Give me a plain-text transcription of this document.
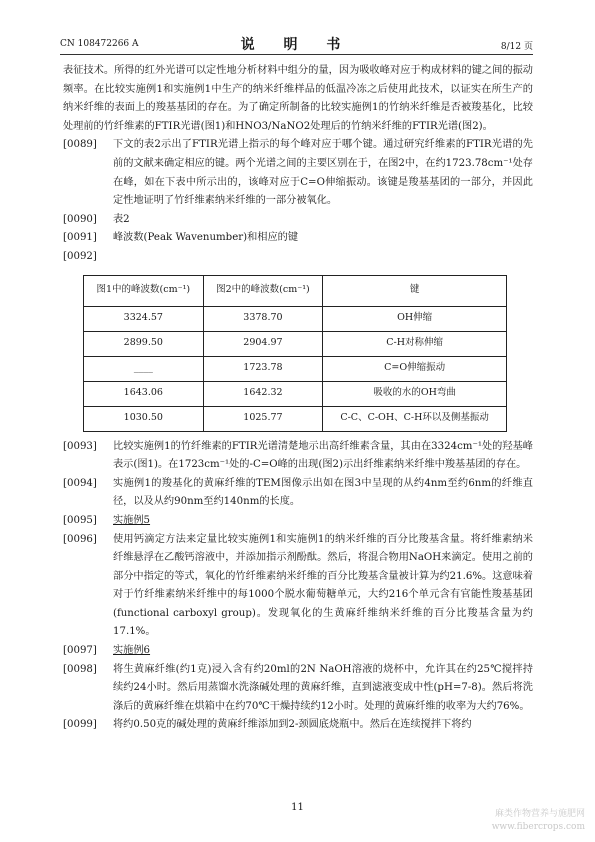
CN 108472266 A	说 明 书	8/12 页

表征技术。所得的红外光谱可以定性地分析材料中组分的量，因为吸收峰对应于构成材料的键之间的振动频率。在比较实施例1和实施例1中生产的纳米纤维样品的低温冷冻之后使用此技术，以证实在所生产的纳米纤维的表面上的羧基基团的存在。为了确定所制备的比较实施例1的竹纳米纤维是否被羧基化，比较处理前的竹纤维素的FTIR光谱(图1)和HNO3/NaNO2处理后的竹纳米纤维的FTIR光谱(图2)。

[0089] 下文的表2示出了FTIR光谱上指示的每个峰对应于哪个键。通过研究纤维素的FTIR光谱的先前的文献来确定相应的键。两个光谱之间的主要区别在于，在图2中，在约1723.78cm⁻¹处存在峰，如在下表中所示出的，该峰对应于C=O伸缩振动。该键是羧基基团的一部分，并因此定性地证明了竹纤维素纳米纤维的一部分被氧化。

[0090] 表2

[0091] 峰波数(Peak Wavenumber)和相应的键

[0092]

图1中的峰波数(cm⁻¹)	图2中的峰波数(cm⁻¹)	键
3324.57	3378.70	OH伸缩
2899.50	2904.97	C-H对称伸缩
____	1723.78	C=O伸缩振动
1643.06	1642.32	吸收的水的OH弯曲
1030.50	1025.77	C-C、C-OH、C-H环以及侧基振动
[0093] 比较实施例1的竹纤维素的FTIR光谱清楚地示出高纤维素含量，其由在3324cm⁻¹处的羟基峰表示(图1)。在1723cm⁻¹处的-C=O峰的出现(图2)示出纤维素纳米纤维中羧基基团的存在。

[0094] 实施例1的羧基化的黄麻纤维的TEM图像示出如在图3中呈现的从约4nm至约6nm的纤维直径，以及从约90nm至约140nm的长度。

[0095] 实施例5

[0096] 使用钙滴定方法来定量比较实施例1和实施例1的纳米纤维的百分比羧基含量。将纤维素纳米纤维悬浮在乙酸钙溶液中，并添加指示剂酚酞。然后，将混合物用NaOH来滴定。使用之前的部分中指定的等式，氧化的竹纤维素纳米纤维的百分比羧基含量被计算为约21.6%。这意味着对于竹纤维素纳米纤维中的每1000个脱水葡萄糖单元，大约216个单元含有官能性羧基基团(functional carboxyl group)。发现氧化的生黄麻纤维纳米纤维的百分比羧基含量为约17.1%。

[0097] 实施例6

[0098] 将生黄麻纤维(约1克)浸入含有约20ml的2N NaOH溶液的烧杯中，允许其在约25℃搅拌持续约24小时。然后用蒸馏水洗涤碱处理的黄麻纤维，直到滤液变成中性(pH=7-8)。然后将洗涤后的黄麻纤维在烘箱中在约70℃干燥持续约12小时。处理的黄麻纤维的收率为大约76%。

[0099] 将约0.50克的碱处理的黄麻纤维添加到2-颈圆底烧瓶中。然后在连续搅拌下将约

11
麻类作物营养与施肥网
www.fibercrops.com
